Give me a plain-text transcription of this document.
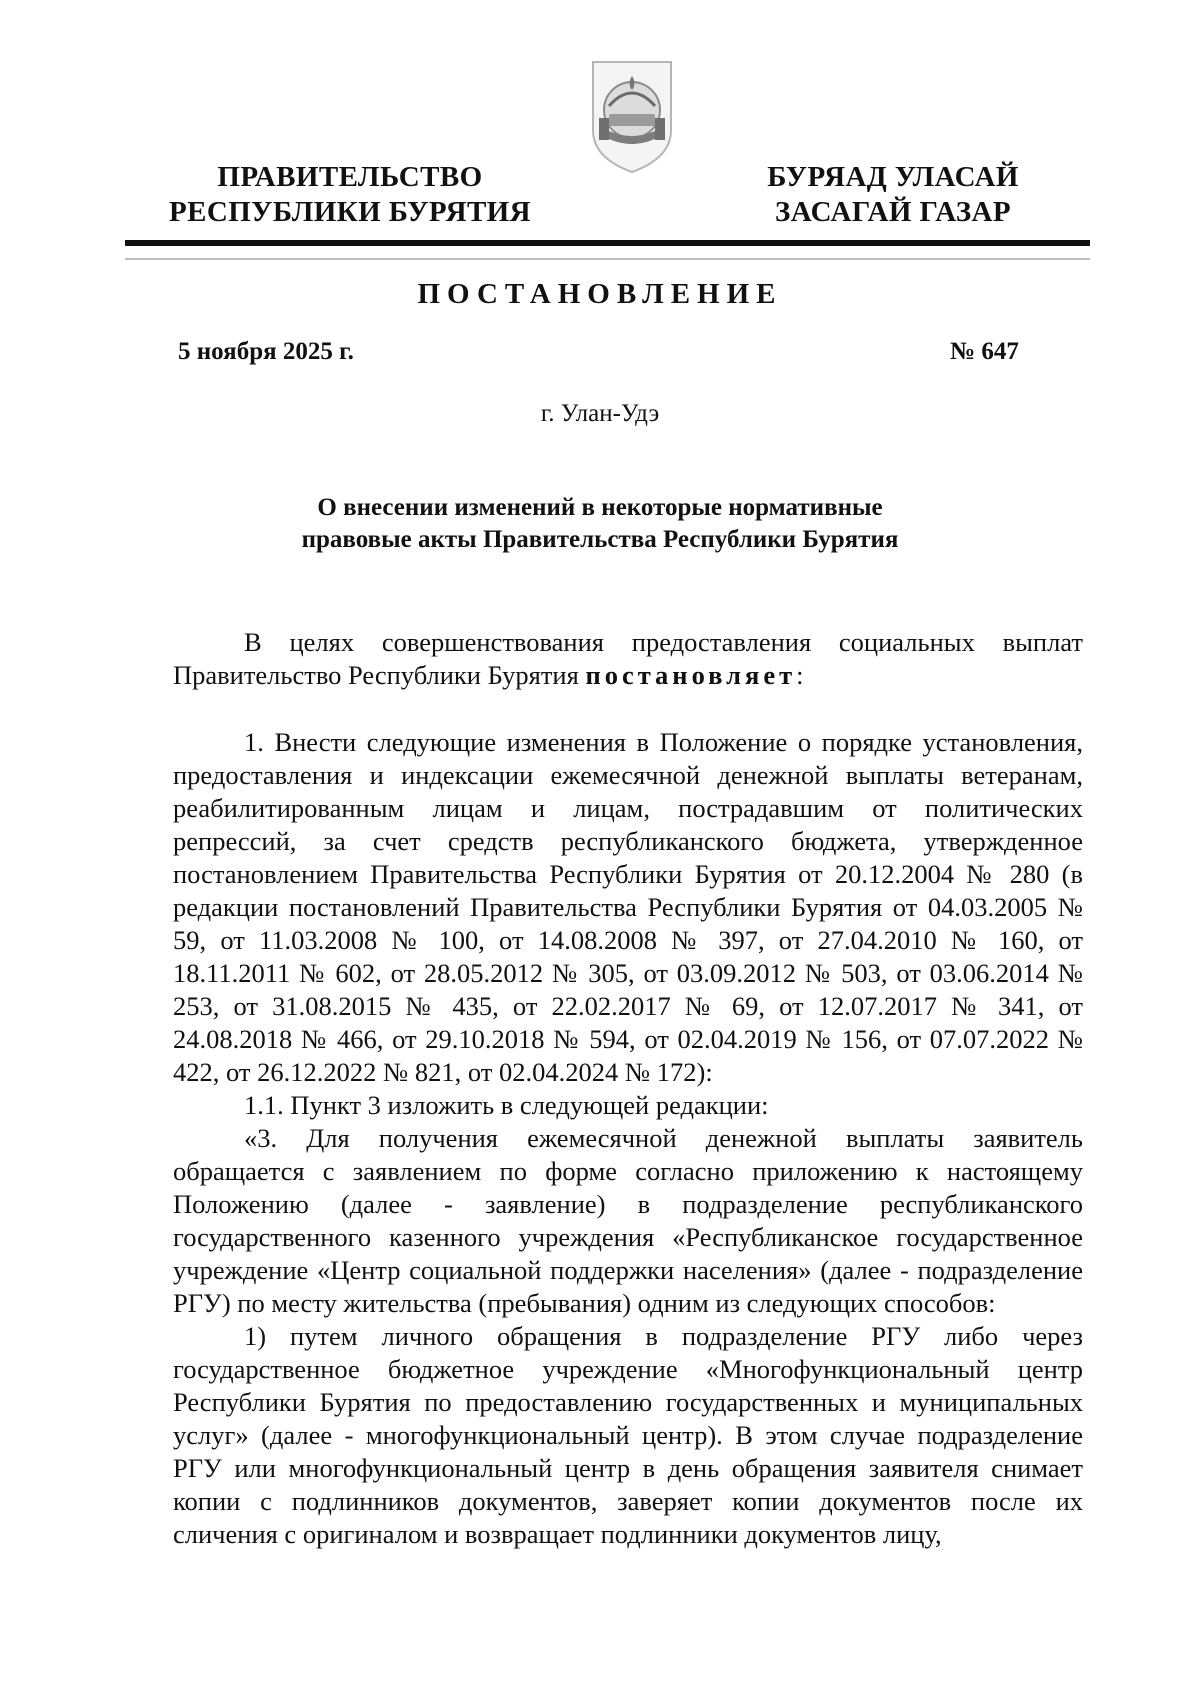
ПРАВИТЕЛЬСТВО
РЕСПУБЛИКИ БУРЯТИЯ
БУРЯАД УЛАСАЙ
ЗАСАГАЙ ГАЗАР
ПОСТАНОВЛЕНИЕ
5 ноября 2025 г.	№ 647
г. Улан-Удэ
О внесении изменений в некоторые нормативные
правовые акты Правительства Республики Бурятия

В целях совершенствования предоставления социальных выплат Правительство Республики Бурятия постановляет:

1. Внести следующие изменения в Положение о порядке установления, предоставления и индексации ежемесячной денежной выплаты ветеранам, реабилитированным лицам и лицам, пострадавшим от политических репрессий, за счет средств республиканского бюджета, утвержденное постановлением Правительства Республики Бурятия от 20.12.2004 № 280 (в редакции постановлений Правительства Республики Бурятия от 04.03.2005 № 59, от 11.03.2008 № 100, от 14.08.2008 № 397, от 27.04.2010 № 160, от 18.11.2011 № 602, от 28.05.2012 № 305, от 03.09.2012 № 503, от 03.06.2014 № 253, от 31.08.2015 № 435, от 22.02.2017 № 69, от 12.07.2017 № 341, от 24.08.2018 № 466, от 29.10.2018 № 594, от 02.04.2019 № 156, от 07.07.2022 № 422, от 26.12.2022 № 821, от 02.04.2024 № 172):

1.1. Пункт 3 изложить в следующей редакции:

«3. Для получения ежемесячной денежной выплаты заявитель обращается с заявлением по форме согласно приложению к настоящему Положению (далее - заявление) в подразделение республиканского государственного казенного учреждения «Республиканское государственное учреждение «Центр социальной поддержки населения» (далее - подразделение РГУ) по месту жительства (пребывания) одним из следующих способов:

1) путем личного обращения в подразделение РГУ либо через государственное бюджетное учреждение «Многофункциональный центр Республики Бурятия по предоставлению государственных и муниципальных услуг» (далее - многофункциональный центр). В этом случае подразделение РГУ или многофункциональный центр в день обращения заявителя снимает копии с подлинников документов, заверяет копии документов после их сличения с оригиналом и возвращает подлинники документов лицу,
